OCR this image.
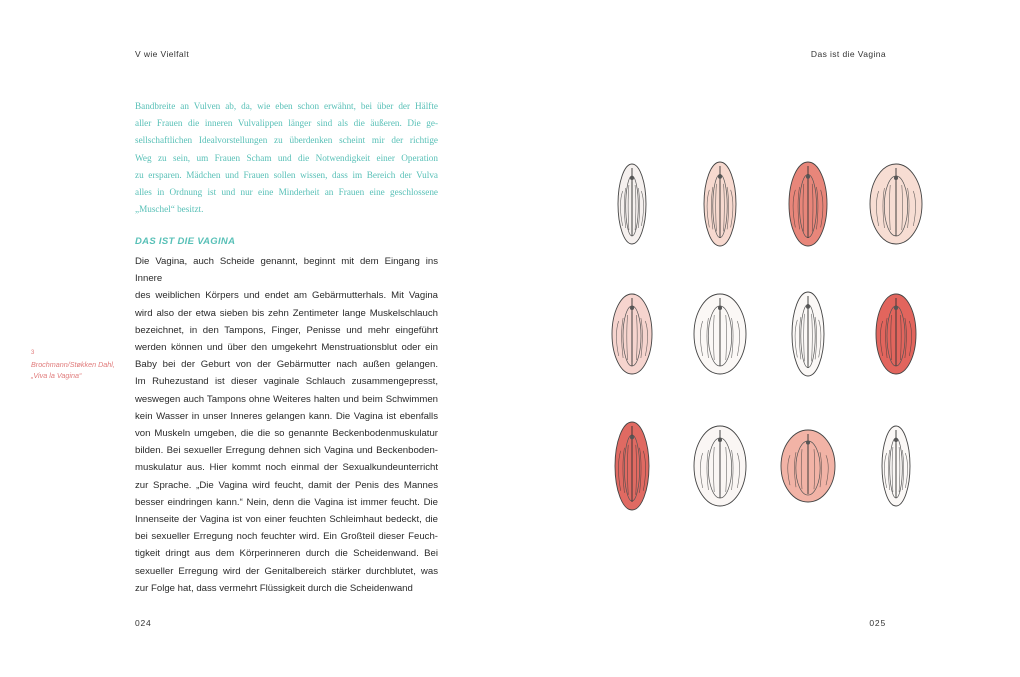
V wie Vielfalt

Bandbreite an Vulven ab, da, wie eben schon erwähnt, bei über der Hälfte

aller Frauen die inneren Vulvalippen länger sind als die äußeren. Die ge-

sellschaftlichen Idealvorstellungen zu überdenken scheint mir der richtige

Weg zu sein, um Frauen Scham und die Notwendigkeit einer Operation

zu ersparen. Mädchen und Frauen sollen wissen, dass im Bereich der Vulva

alles in Ordnung ist und nur eine Minderheit an Frauen eine geschlossene

„Muschel“ besitzt.

DAS IST DIE VAGINA

Die Vagina, auch Scheide genannt, beginnt mit dem Eingang ins Innere

des weiblichen Körpers und endet am Gebärmutterhals. Mit Vagina

wird also der etwa sieben bis zehn Zentimeter lange Muskelschlauch

bezeichnet, in den Tampons, Finger, Penisse und mehr eingeführt

werden können und über den umgekehrt Menstruationsblut oder ein

Baby bei der Geburt von der Gebärmutter nach außen gelangen.

Im Ruhezustand ist dieser vaginale Schlauch zusammengepresst,

weswegen auch Tampons ohne Weiteres halten und beim Schwimmen

kein Wasser in unser Inneres gelangen kann. Die Vagina ist ebenfalls

von Muskeln umgeben, die die so genannte Beckenbodenmuskulatur

bilden. Bei sexueller Erregung dehnen sich Vagina und Beckenboden-

muskulatur aus. Hier kommt noch einmal der Sexualkundeunterricht

zur Sprache. „Die Vagina wird feucht, damit der Penis des Mannes

besser eindringen kann.“ Nein, denn die Vagina ist immer feucht. Die

Innenseite der Vagina ist von einer feuchten Schleimhaut bedeckt, die

bei sexueller Erregung noch feuchter wird. Ein Großteil dieser Feuch-

tigkeit dringt aus dem Körperinneren durch die Scheidenwand. Bei

sexueller Erregung wird der Genitalbereich stärker durchblutet, was

zur Folge hat, dass vermehrt Flüssigkeit durch die Scheidenwand

3
Brochmann/Støkken Dahl,
„Viva la Vagina“
024
Das ist die Vagina
025
